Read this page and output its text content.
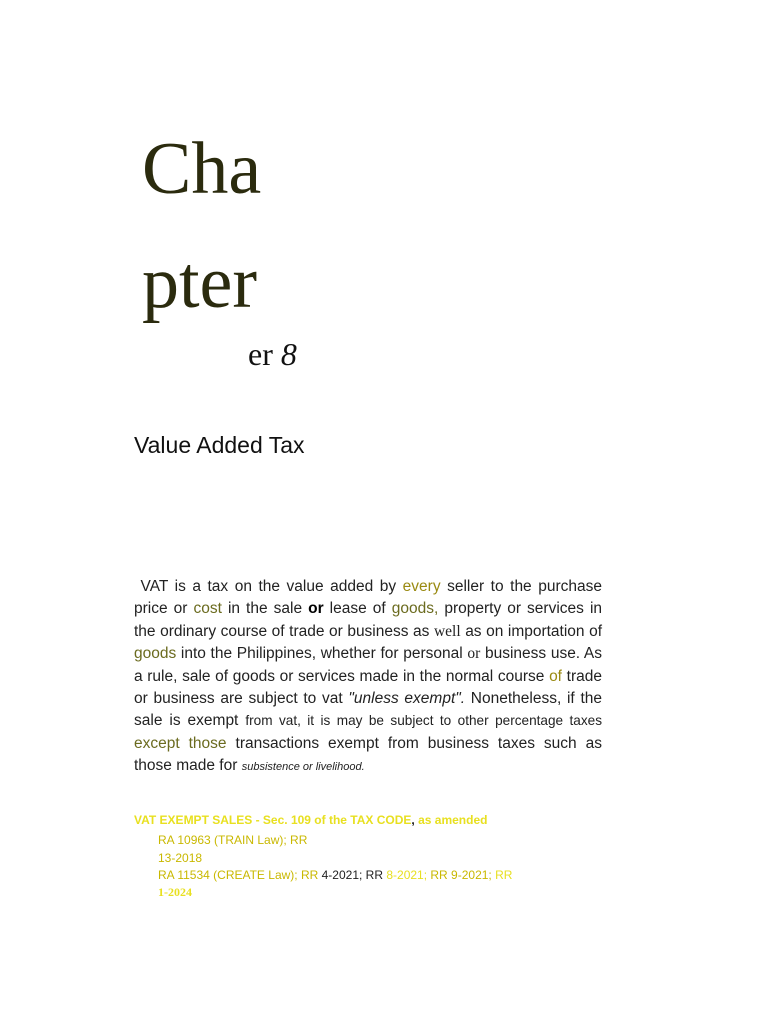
Cha
pter
er 8
Value Added Tax

VAT is a tax on the value added by every seller to the purchase price or cost in the sale or lease of goods, property or services in the ordinary course of trade or business as well as on importation of goods into the Philippines, whether for personal or business use. As a rule, sale of goods or services made in the normal course of trade or business are subject to vat "unless exempt". Nonetheless, if the sale is exempt from vat, it is may be subject to other percentage taxes except those transactions exempt from business taxes such as those made for subsistence or livelihood.

VAT EXEMPT SALES - Sec. 109 of the TAX CODE, as amended

RA 10963 (TRAIN Law); RR

13-2018

RA 11534 (CREATE Law); RR 4-2021; RR 8-2021; RR 9-2021; RR

1-2024
